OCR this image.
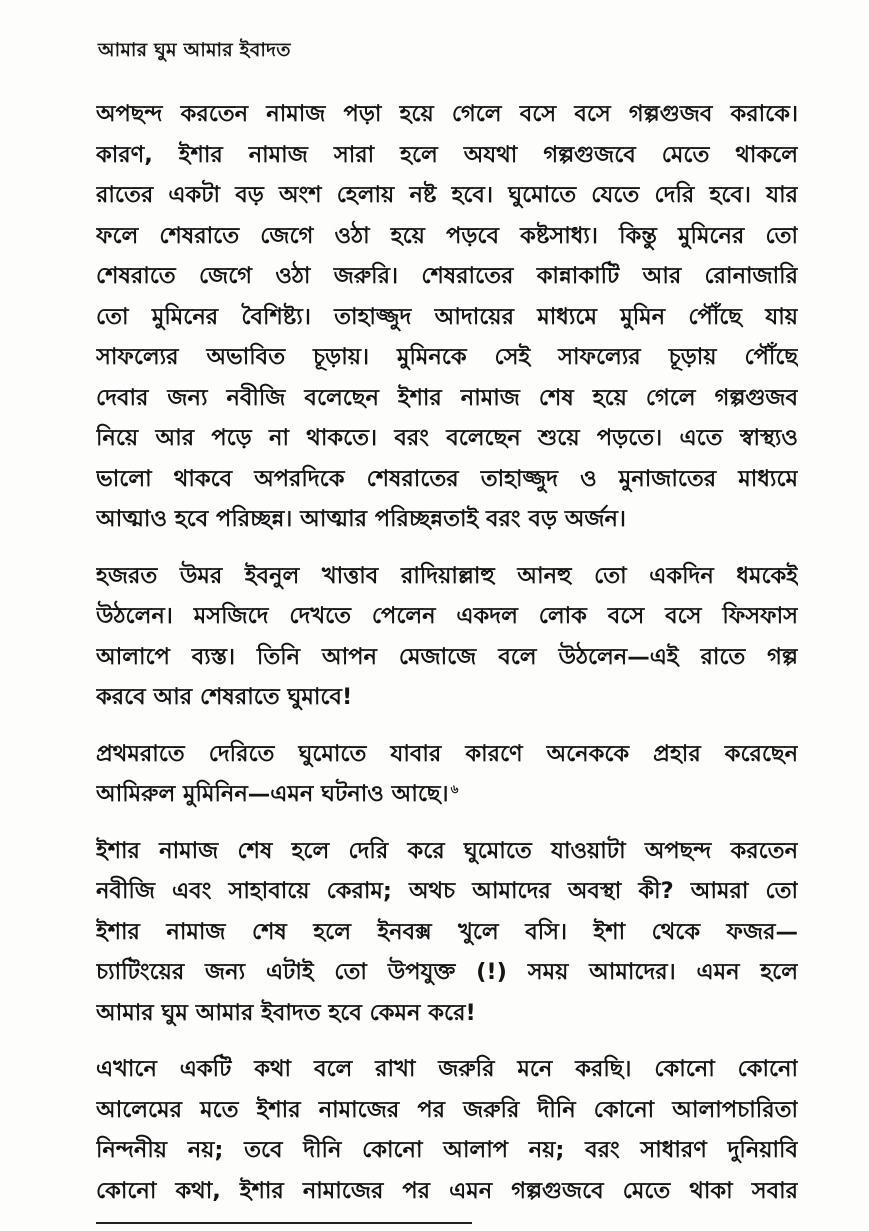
আমার ঘুম আমার ইবাদত

অপছন্দ করতেন নামাজ পড়া হয়ে গেলে বসে বসে গল্পগুজব করাকে।
কারণ, ইশার নামাজ সারা হলে অযথা গল্পগুজবে মেতে থাকলে
রাতের একটা বড় অংশ হেলায় নষ্ট হবে। ঘুমোতে যেতে দেরি হবে। যার
ফলে শেষরাতে জেগে ওঠা হয়ে পড়বে কষ্টসাধ্য। কিন্তু মুমিনের তো
শেষরাতে জেগে ওঠা জরুরি। শেষরাতের কান্নাকাটি আর রোনাজারি
তো মুমিনের বৈশিষ্ট্য। তাহাজ্জুদ আদায়ের মাধ্যমে মুমিন পৌঁছে যায়
সাফল্যের অভাবিত চূড়ায়। মুমিনকে সেই সাফল্যের চূড়ায় পৌঁছে
দেবার জন্য নবীজি বলেছেন ইশার নামাজ শেষ হয়ে গেলে গল্পগুজব
নিয়ে আর পড়ে না থাকতে। বরং বলেছেন শুয়ে পড়তে। এতে স্বাস্থ্যও
ভালো থাকবে অপরদিকে শেষরাতের তাহাজ্জুদ ও মুনাজাতের মাধ্যমে
আত্মাও হবে পরিচ্ছন্ন। আত্মার পরিচ্ছন্নতাই বরং বড় অর্জন।

হজরত উমর ইবনুল খাত্তাব রাদিয়াল্লাহু আনহু তো একদিন ধমকেই
উঠলেন। মসজিদে দেখতে পেলেন একদল লোক বসে বসে ফিসফাস
আলাপে ব্যস্ত। তিনি আপন মেজাজে বলে উঠলেন—এই রাতে গল্প
করবে আর শেষরাতে ঘুমাবে!

প্রথমরাতে দেরিতে ঘুমোতে যাবার কারণে অনেককে প্রহার করেছেন
আমিরুল মুমিনিন—এমন ঘটনাও আছে। $^৬$

ইশার নামাজ শেষ হলে দেরি করে ঘুমোতে যাওয়াটা অপছন্দ করতেন
নবীজি এবং সাহাবায়ে কেরাম; অথচ আমাদের অবস্থা কী? আমরা তো
ইশার নামাজ শেষ হলে ইনবক্স খুলে বসি। ইশা থেকে ফজর—
চ্যাটিংয়ের জন্য এটাই তো উপযুক্ত (!) সময় আমাদের। এমন হলে
আমার ঘুম আমার ইবাদত হবে কেমন করে!

এখানে একটি কথা বলে রাখা জরুরি মনে করছি। কোনো কোনো
আলেমের মতে ইশার নামাজের পর জরুরি দীনি কোনো আলাপচারিতা
নিন্দনীয় নয়; তবে দীনি কোনো আলাপ নয়; বরং সাধারণ দুনিয়াবি
কোনো কথা, ইশার নামাজের পর এমন গল্পগুজবে মেতে থাকা সবার
